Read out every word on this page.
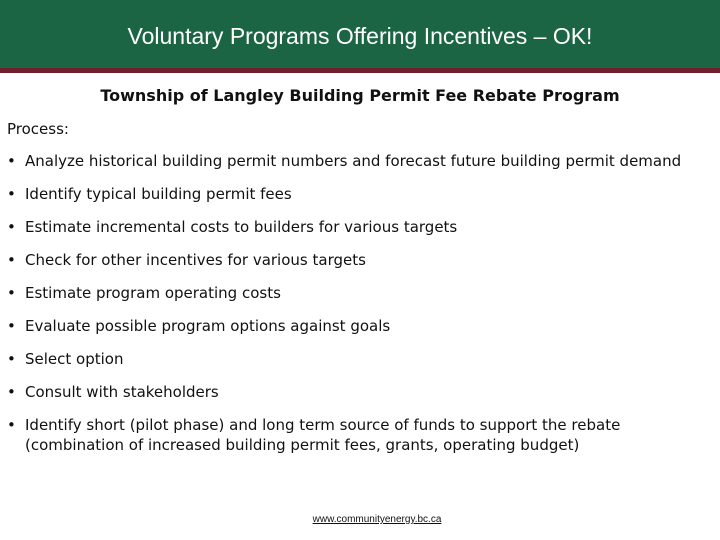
Voluntary Programs Offering Incentives – OK!
Township of Langley Building Permit Fee Rebate Program
Process:
• Analyze historical building permit numbers and forecast future building permit demand
• Identify typical building permit fees
• Estimate incremental costs to builders for various targets
• Check for other incentives for various targets
• Estimate program operating costs
• Evaluate possible program options against goals
• Select option
• Consult with stakeholders
• Identify short (pilot phase) and long term source of funds to support the rebate (combination of increased building permit fees, grants, operating budget)
www.communityenergy.bc.ca
